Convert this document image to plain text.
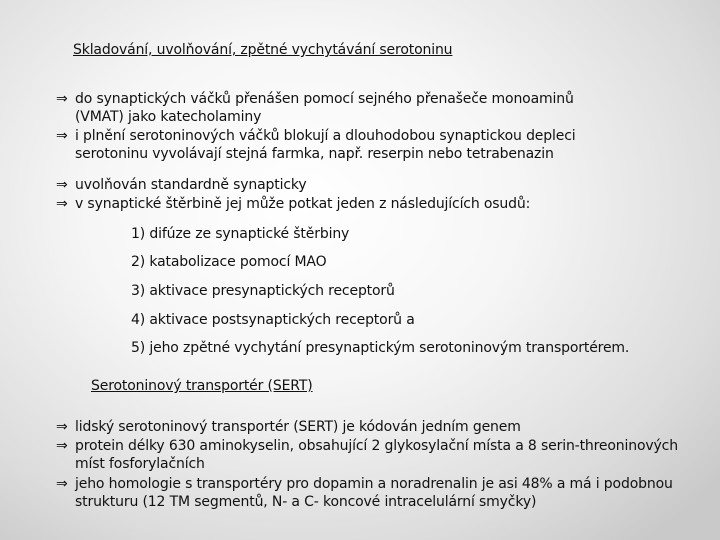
Skladování, uvolňování, zpětné vychytávání serotoninu
⇒ do synaptických váčků přenášen pomocí sejného přenašeče monoaminů
(VMAT) jako katecholaminy
⇒ i plnění serotoninových váčků blokují a dlouhodobou synaptickou depleci
serotoninu vyvolávají stejná farmka, např. reserpin nebo tetrabenazin
⇒ uvolňován standardně synapticky
⇒ v synaptické štěrbině jej může potkat jeden z následujících osudů:
1) difúze ze synaptické štěrbiny
2) katabolizace pomocí MAO
3) aktivace presynaptických receptorů
4) aktivace postsynaptických receptorů a
5) jeho zpětné vychytání presynaptickým serotoninovým transportérem.
Serotoninový transportér (SERT)
⇒ lidský serotoninový transportér (SERT) je kódován jedním genem
⇒ protein délky 630 aminokyselin, obsahující 2 glykosylační místa a 8 serin-threoninových
míst fosforylačních
⇒ jeho homologie s transportéry pro dopamin a noradrenalin je asi 48% a má i podobnou
strukturu (12 TM segmentů, N- a C- koncové intracelulární smyčky)
